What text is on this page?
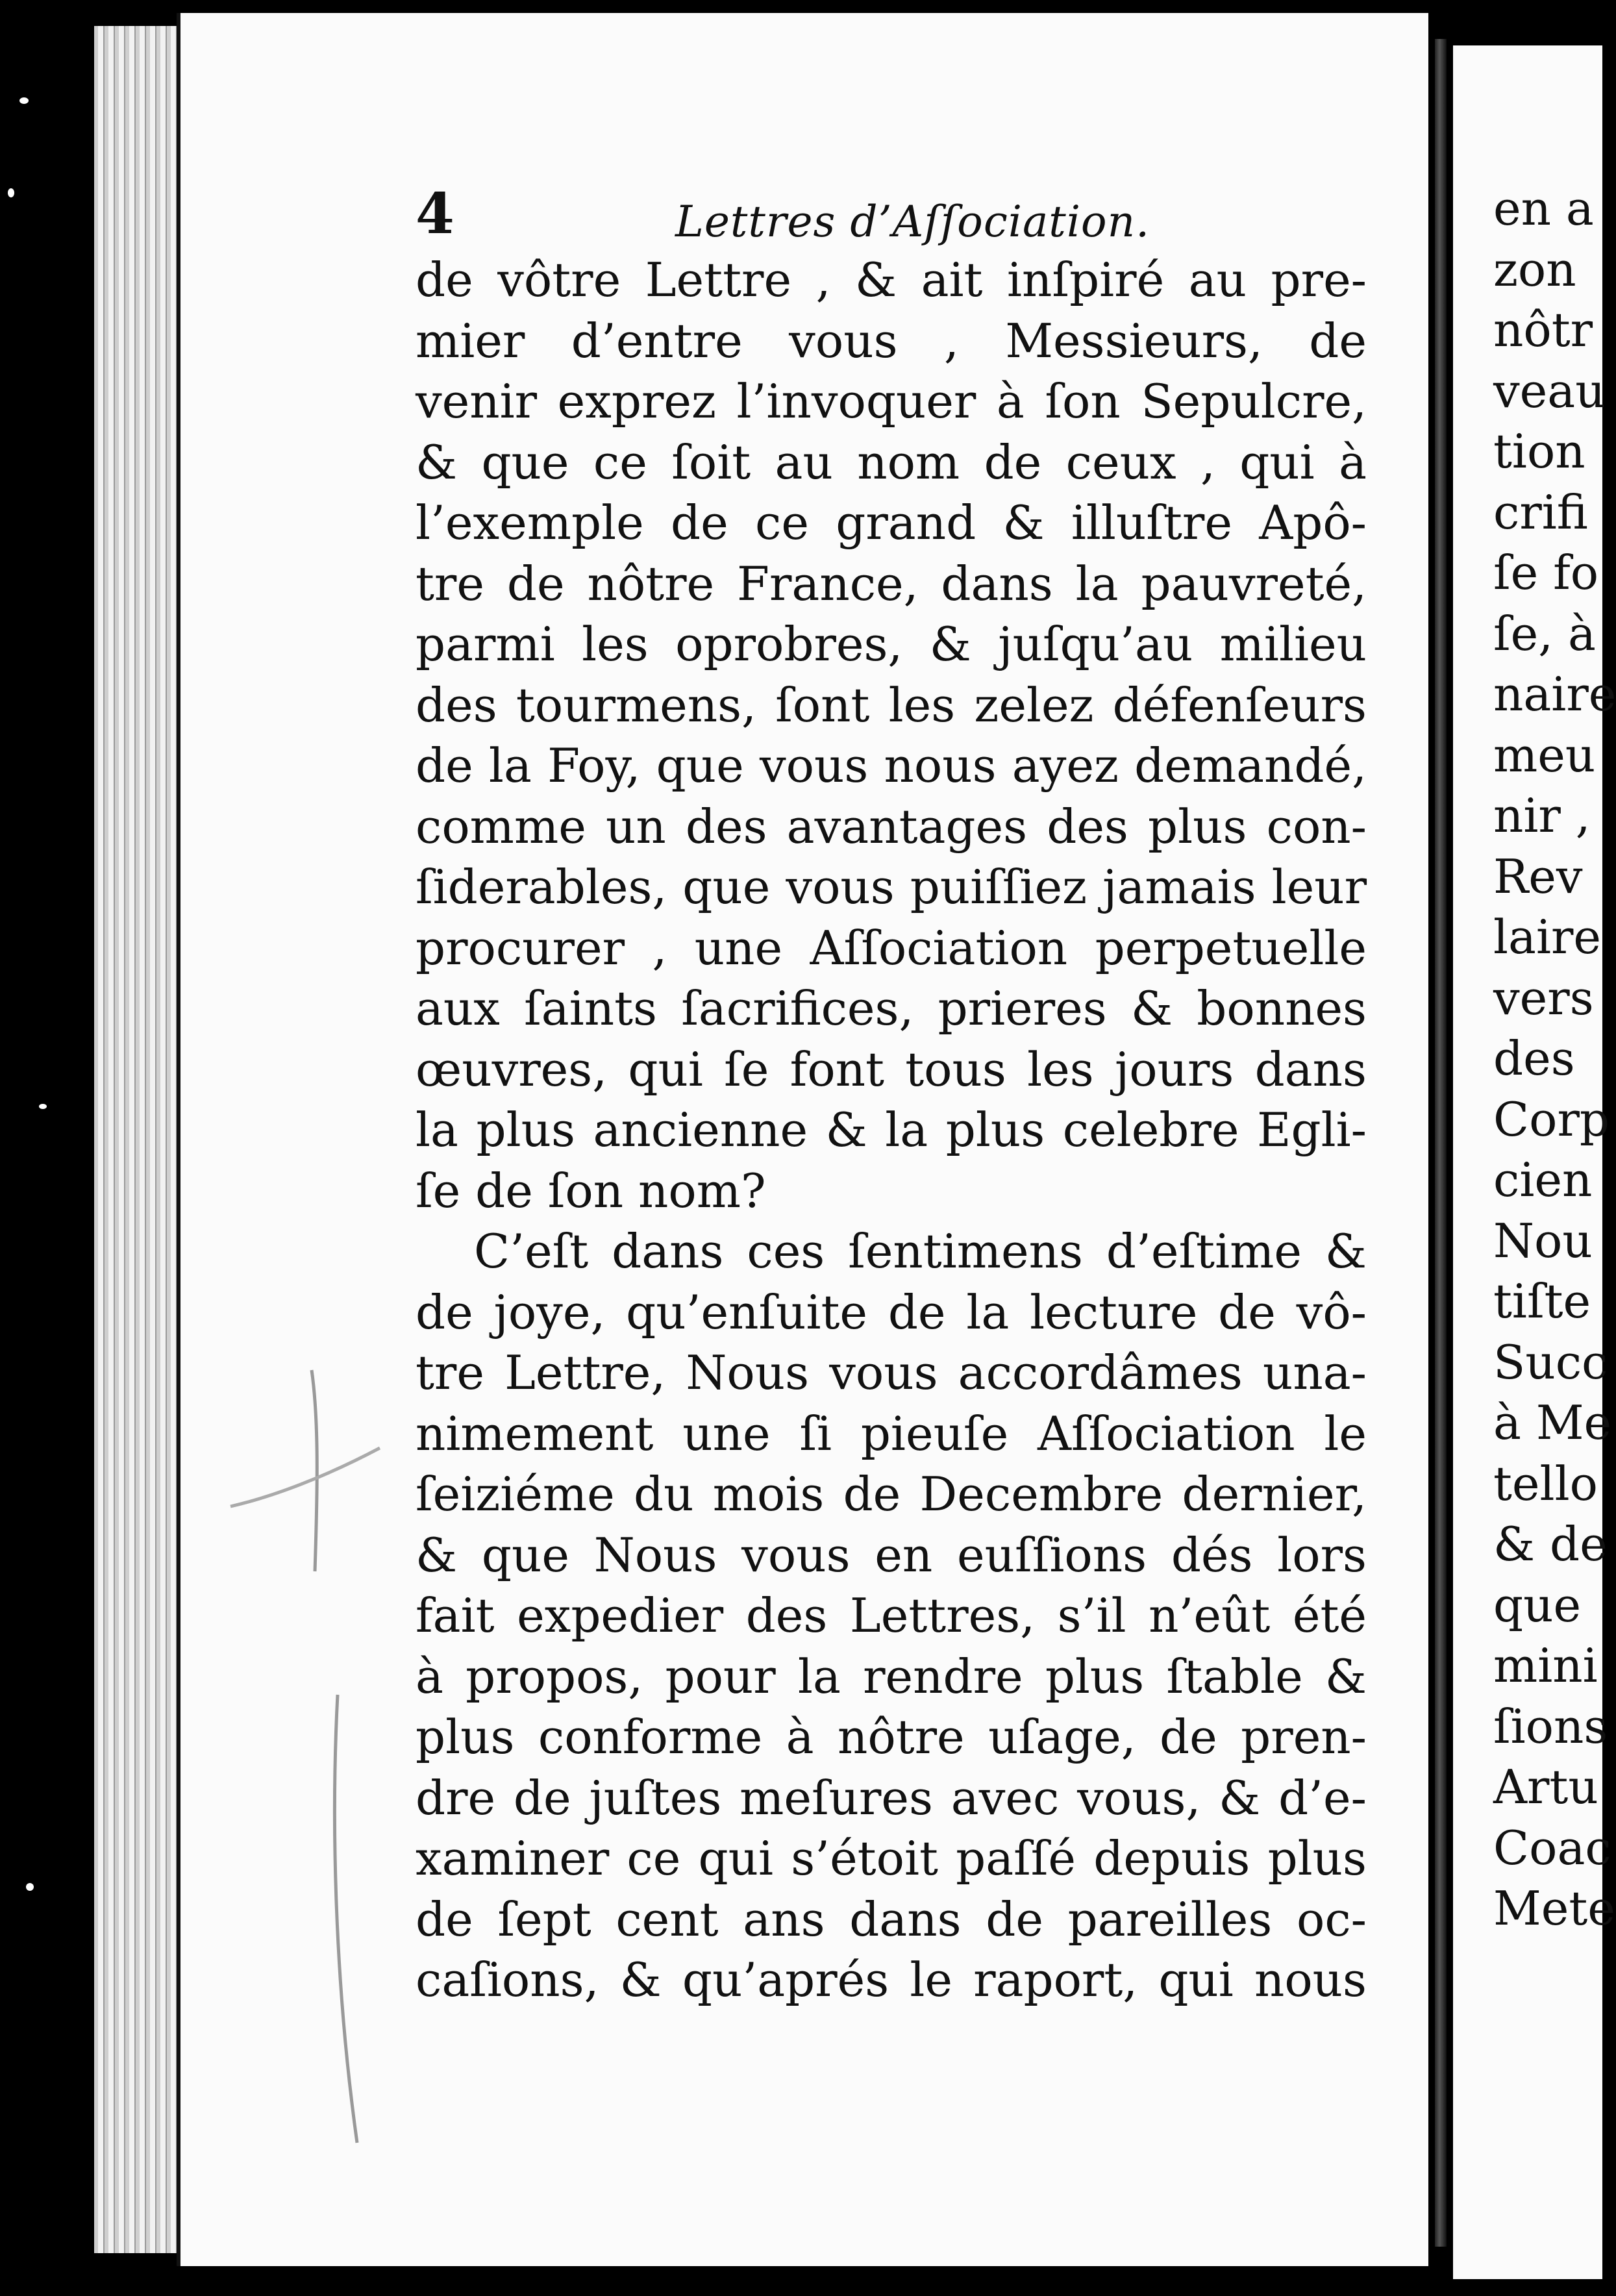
4	Lettres d’Aſſociation.
de vôtre Lettre , & ait inſpiré au pre-
mier d’entre vous , Messieurs, de
venir exprez l’invoquer à ſon Sepulcre,
& que ce ſoit au nom de ceux , qui à
l’exemple de ce grand & illuſtre Apô-
tre de nôtre France, dans la pauvreté,
parmi les oprobres, & juſqu’au milieu
des tourmens, ſont les zelez défenſeurs
de la Foy, que vous nous ayez demandé,
comme un des avantages des plus con-
ſiderables, que vous puiſſiez jamais leur
procurer , une Aſſociation perpetuelle
aux ſaints ſacrifices, prieres & bonnes
œuvres, qui ſe font tous les jours dans
la plus ancienne & la plus celebre Egli-
ſe de ſon nom?
C’eſt dans ces ſentimens d’eſtime &
de joye, qu’enſuite de la lecture de vô-
tre Lettre, Nous vous accordâmes una-
nimement une ſi pieuſe Aſſociation le
ſeiziéme du mois de Decembre dernier,
& que Nous vous en euſſions dés lors
fait expedier des Lettres, s’il n’eût été
à propos, pour la rendre plus ſtable &
plus conforme à nôtre uſage, de pren-
dre de juſtes meſures avec vous, & d’e-
xaminer ce qui s’étoit paſſé depuis plus
de ſept cent ans dans de pareilles oc-
caſions, & qu’aprés le raport, qui nous
en a
zon
nôtr
veau
tion
crifi
ſe fo
ſe, à
naire
meu
nir ,
Rev
laire
vers
des
Corp
cien
Nou
tiſte
Succ
à Me
tello
& de
que
mini
ſions
Artu
Coac
Mete
